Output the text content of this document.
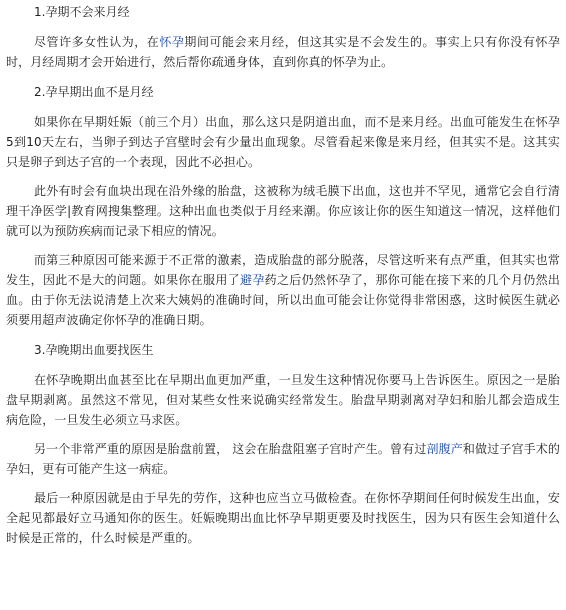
1.孕期不会来月经

尽管许多女性认为，在怀孕期间可能会来月经，但这其实是不会发生的。事实上只有你没有怀孕时，月经周期才会开始进行，然后帮你疏通身体，直到你真的怀孕为止。

2.孕早期出血不是月经

如果你在早期妊娠（前三个月）出血，那么这只是阴道出血，而不是来月经。出血可能发生在怀孕5到10天左右，当卵子到达子宫壁时会有少量出血现象。尽管看起来像是来月经，但其实不是。这其实只是卵子到达子宫的一个表现，因此不必担心。

此外有时会有血块出现在沿外缘的胎盘，这被称为绒毛膜下出血，这也并不罕见，通常它会自行清理干净医学|教育网搜集整理。这种出血也类似于月经来潮。你应该让你的医生知道这一情况，这样他们就可以为预防疾病而记录下相应的情况。

而第三种原因可能来源于不正常的激素，造成胎盘的部分脱落，尽管这听来有点严重，但其实也常发生，因此不是大的问题。如果你在服用了避孕药之后仍然怀孕了，那你可能在接下来的几个月仍然出血。由于你无法说清楚上次来大姨妈的准确时间，所以出血可能会让你觉得非常困惑，这时候医生就必须要用超声波确定你怀孕的准确日期。

3.孕晚期出血要找医生

在怀孕晚期出血甚至比在早期出血更加严重，一旦发生这种情况你要马上告诉医生。原因之一是胎盘早期剥离。虽然这不常见，但对某些女性来说确实经常发生。胎盘早期剥离对孕妇和胎儿都会造成生病危险，一旦发生必须立马求医。

另一个非常严重的原因是胎盘前置， 这会在胎盘阻塞子宫时产生。曾有过剖腹产和做过子宫手术的孕妇，更有可能产生这一病症。

最后一种原因就是由于早先的劳作，这种也应当立马做检查。在你怀孕期间任何时候发生出血，安全起见都最好立马通知你的医生。妊娠晚期出血比怀孕早期更要及时找医生，因为只有医生会知道什么时候是正常的，什么时候是严重的。
